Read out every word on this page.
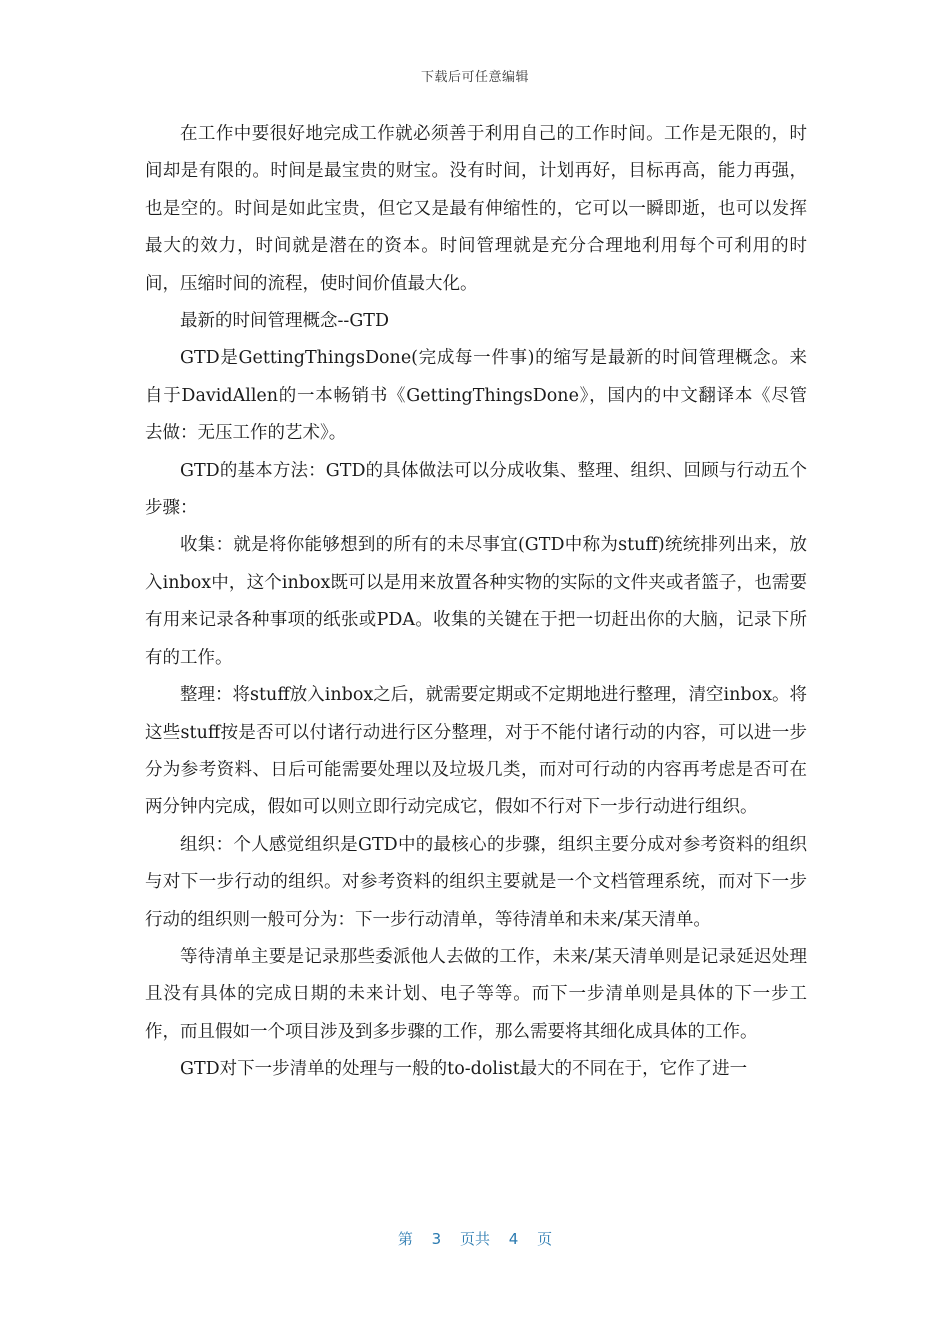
下载后可任意编辑

在工作中要很好地完成工作就必须善于利用自己的工作时间。工作是无限的，时间却是有限的。时间是最宝贵的财宝。没有时间，计划再好，目标再高，能力再强，也是空的。时间是如此宝贵，但它又是最有伸缩性的，它可以一瞬即逝，也可以发挥最大的效力，时间就是潜在的资本。时间管理就是充分合理地利用每个可利用的时间，压缩时间的流程，使时间价值最大化。

最新的时间管理概念--GTD

GTD是GettingThingsDone(完成每一件事)的缩写是最新的时间管理概念。来自于DavidAllen的一本畅销书《GettingThingsDone》，国内的中文翻译本《尽管去做：无压工作的艺术》。

GTD的基本方法：GTD的具体做法可以分成收集、整理、组织、回顾与行动五个步骤：

收集：就是将你能够想到的所有的未尽事宜(GTD中称为stuff)统统排列出来，放入inbox中，这个inbox既可以是用来放置各种实物的实际的文件夹或者篮子，也需要有用来记录各种事项的纸张或PDA。收集的关键在于把一切赶出你的大脑，记录下所有的工作。

整理：将stuff放入inbox之后，就需要定期或不定期地进行整理，清空inbox。将这些stuff按是否可以付诸行动进行区分整理，对于不能付诸行动的内容，可以进一步分为参考资料、日后可能需要处理以及垃圾几类，而对可行动的内容再考虑是否可在两分钟内完成，假如可以则立即行动完成它，假如不行对下一步行动进行组织。

组织：个人感觉组织是GTD中的最核心的步骤，组织主要分成对参考资料的组织与对下一步行动的组织。对参考资料的组织主要就是一个文档管理系统，而对下一步行动的组织则一般可分为：下一步行动清单，等待清单和未来/某天清单。

等待清单主要是记录那些委派他人去做的工作，未来/某天清单则是记录延迟处理且没有具体的完成日期的未来计划、电子等等。而下一步清单则是具体的下一步工作，而且假如一个项目涉及到多步骤的工作，那么需要将其细化成具体的工作。

GTD对下一步清单的处理与一般的to-dolist最大的不同在于，它作了进一

第 3 页共 4 页
